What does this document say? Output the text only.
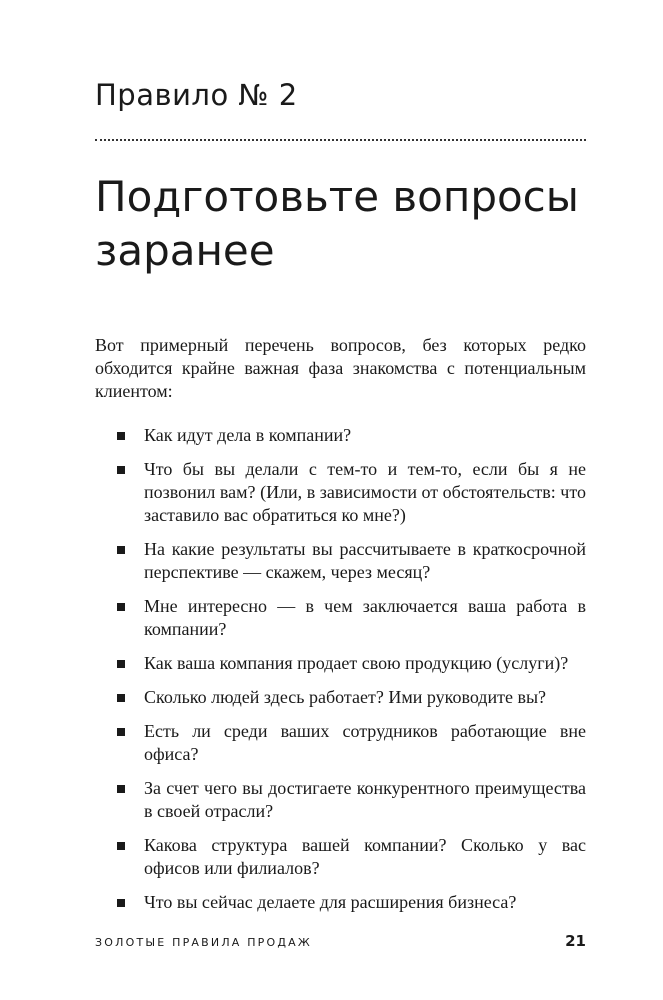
Правило № 2
Подготовьте вопросы заранее

Вот примерный перечень вопросов, без которых редко обходится крайне важная фаза знакомства с потенциальным клиентом:

Как идут дела в компании?
Что бы вы делали с тем-то и тем-то, если бы я не позвонил вам? (Или, в зависимости от обстоятельств: что заставило вас обратиться ко мне?)
На какие результаты вы рассчитываете в краткосрочной перспективе — скажем, через месяц?
Мне интересно — в чем заключается ваша работа в компании?
Как ваша компания продает свою продукцию (услуги)?
Сколько людей здесь работает? Ими руководите вы?
Есть ли среди ваших сотрудников работающие вне офиса?
За счет чего вы достигаете конкурентного преимущества в своей отрасли?
Какова структура вашей компании? Сколько у вас офисов или филиалов?
Что вы сейчас делаете для расширения бизнеса?
ЗОЛОТЫЕ ПРАВИЛА ПРОДАЖ	21
